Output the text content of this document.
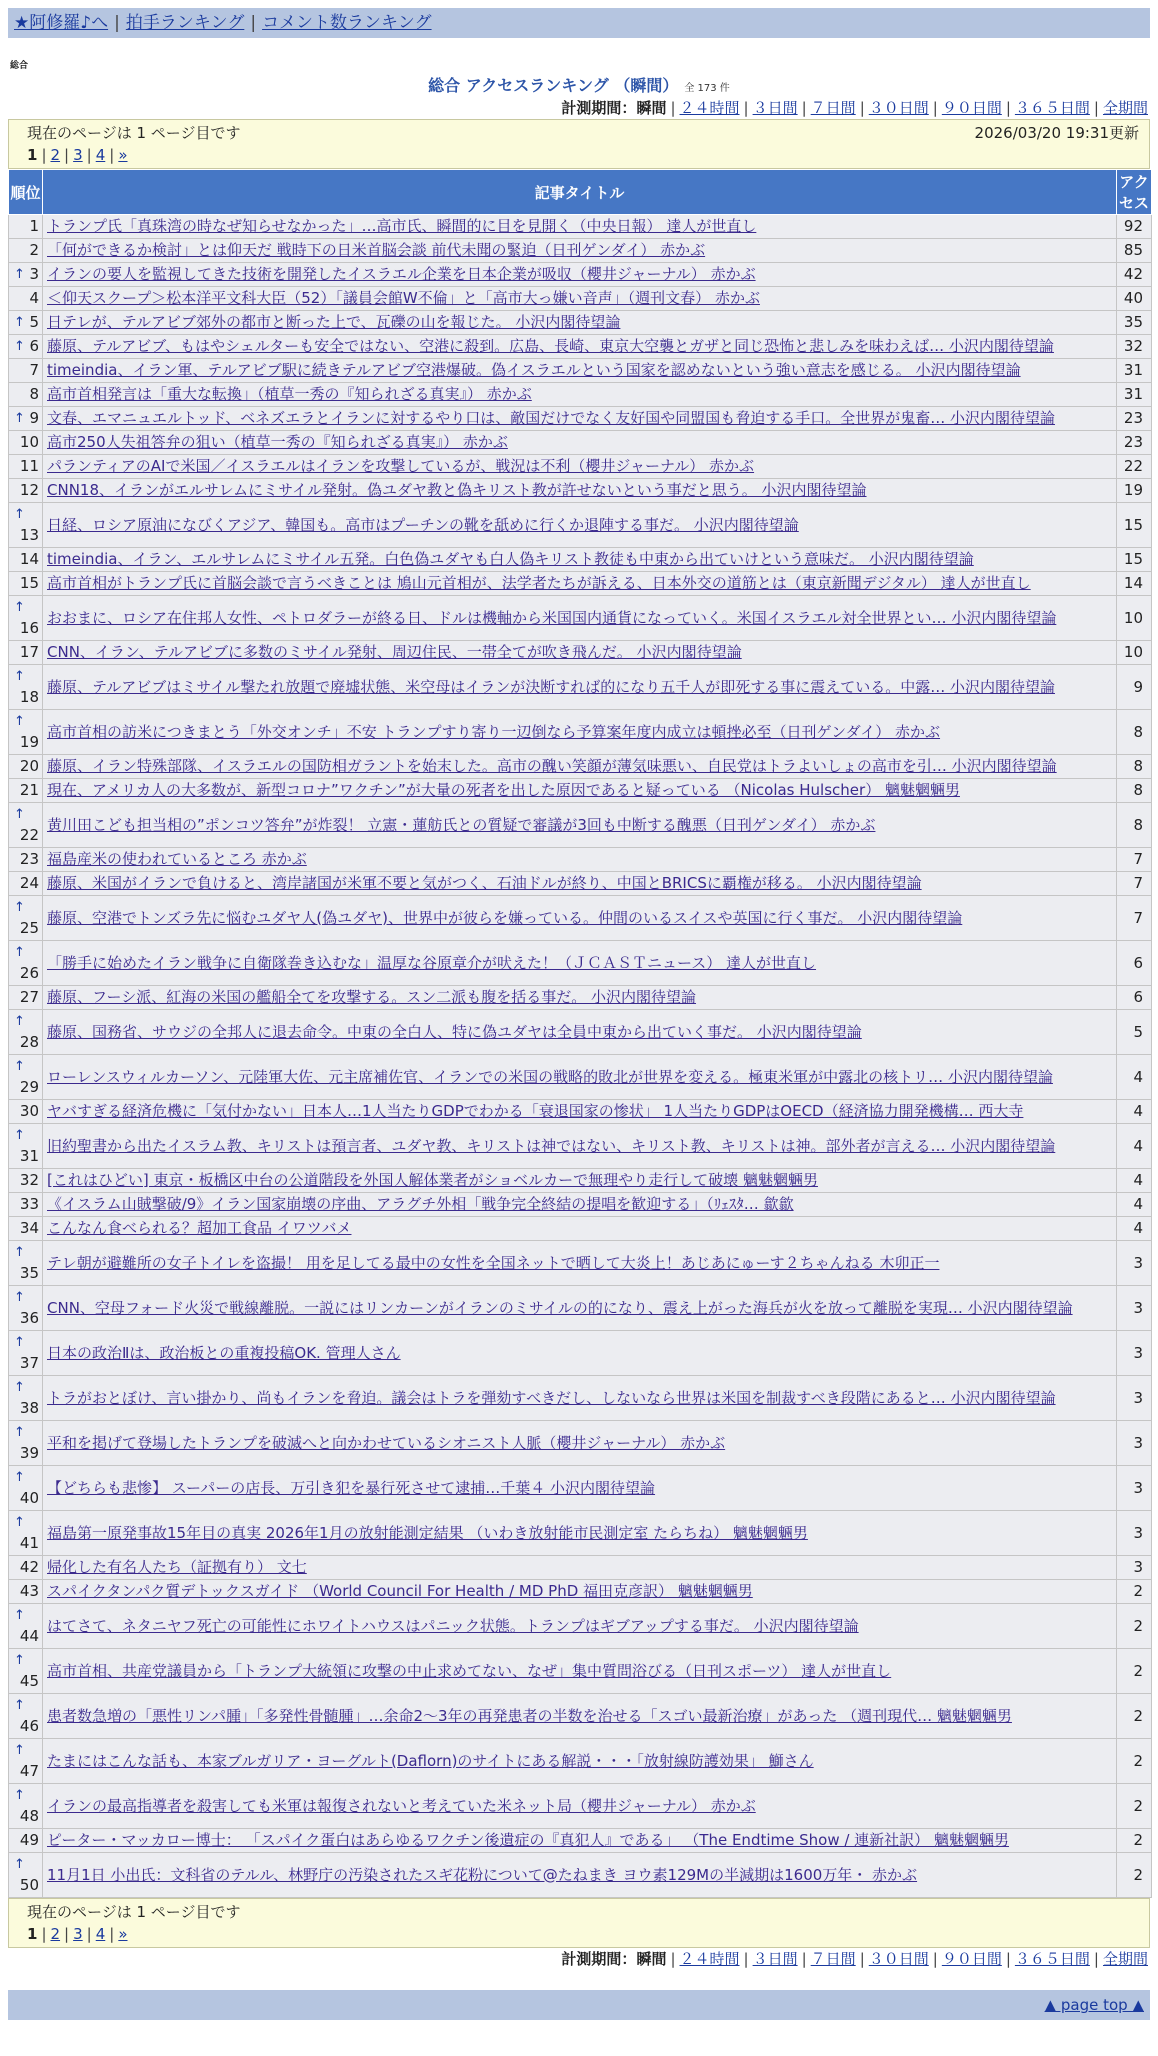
★阿修羅♪へ | 拍手ランキング | コメント数ランキング
総合
総合 アクセスランキング （瞬間） 全 173 件
計測期間：瞬間 | ２４時間 | ３日間 | ７日間 | ３０日間 | ９０日間 | ３６５日間 | 全期間
現在のページは 1 ページ目です	2026/03/20 19:31更新
1 | 2 | 3 | 4 | »
順位	記事タイトル	アクセス
1	トランプ氏「真珠湾の時なぜ知らせなかった」…高市氏、瞬間的に目を見開く（中央日報） 達人が世直し	92
2	「何ができるか検討」とは仰天だ 戦時下の日米首脳会談 前代未聞の緊迫（日刊ゲンダイ） 赤かぶ	85

↑ 3	イランの要人を監視してきた技術を開発したイスラエル企業を日本企業が吸収（櫻井ジャーナル） 赤かぶ	42
4	＜仰天スクープ＞松本洋平文科大臣（52）「議員会館W不倫」と「高市大っ嫌い音声」（週刊文春） 赤かぶ	40

↑ 5	日テレが、テルアビブ郊外の都市と断った上で、瓦礫の山を報じた。 小沢内閣待望論	35

↑ 6	藤原、テルアビブ、もはやシェルターも安全ではない、空港に殺到。広島、長崎、東京大空襲とガザと同じ恐怖と悲しみを味わえば… 小沢内閣待望論	32
7	timeindia、イラン軍、テルアビブ駅に続きテルアビブ空港爆破。偽イスラエルという国家を認めないという強い意志を感じる。 小沢内閣待望論	31
8	高市首相発言は「重大な転換」（植草一秀の『知られざる真実』） 赤かぶ	31

↑ 9	文春、エマニュエルトッド、ベネズエラとイランに対するやり口は、敵国だけでなく友好国や同盟国も脅迫する手口。全世界が鬼畜… 小沢内閣待望論	23
10	高市250人失祖答弁の狙い（植草一秀の『知られざる真実』） 赤かぶ	23
11	パランティアのAIで米国／イスラエルはイランを攻撃しているが、戦況は不利（櫻井ジャーナル） 赤かぶ	22
12	CNN18、イランがエルサレムにミサイル発射。偽ユダヤ教と偽キリスト教が許せないという事だと思う。 小沢内閣待望論	19

↑
13	日経、ロシア原油になびくアジア、韓国も。高市はプーチンの靴を舐めに行くか退陣する事だ。 小沢内閣待望論	15
14	timeindia、イラン、エルサレムにミサイル五発。白色偽ユダヤも白人偽キリスト教徒も中東から出ていけという意味だ。 小沢内閣待望論	15
15	高市首相がトランプ氏に首脳会談で言うべきことは 鳩山元首相が、法学者たちが訴える、日本外交の道筋とは（東京新聞デジタル） 達人が世直し	14

↑
16	おおまに、ロシア在住邦人女性、ペトロダラーが終る日、ドルは機軸から米国国内通貨になっていく。米国イスラエル対全世界とい… 小沢内閣待望論	10
17	CNN、イラン、テルアビブに多数のミサイル発射、周辺住民、一帯全てが吹き飛んだ。 小沢内閣待望論	10

↑
18	藤原、テルアビブはミサイル撃たれ放題で廃墟状態、米空母はイランが決断すれば的になり五千人が即死する事に震えている。中露… 小沢内閣待望論	9

↑
19	高市首相の訪米につきまとう「外交オンチ」不安 トランプすり寄り一辺倒なら予算案年度内成立は頓挫必至（日刊ゲンダイ） 赤かぶ	8
20	藤原、イラン特殊部隊、イスラエルの国防相ガラントを始末した。高市の醜い笑顔が薄気味悪い、自民党はトラよいしょの高市を引… 小沢内閣待望論	8
21	現在、アメリカ人の大多数が、新型コロナ”ワクチン”が大量の死者を出した原因であると疑っている （Nicolas Hulscher） 魑魅魍魎男	8

↑
22	黄川田こども担当相の”ポンコツ答弁”が炸裂！ 立憲・蓮舫氏との質疑で審議が3回も中断する醜悪（日刊ゲンダイ） 赤かぶ	8
23	福島産米の使われているところ 赤かぶ	7
24	藤原、米国がイランで負けると、湾岸諸国が米軍不要と気がつく、石油ドルが終り、中国とBRICSに覇権が移る。 小沢内閣待望論	7

↑
25	藤原、空港でトンズラ先に悩むユダヤ人(偽ユダヤ)、世界中が彼らを嫌っている。仲間のいるスイスや英国に行く事だ。 小沢内閣待望論	7

↑
26	「勝手に始めたイラン戦争に自衛隊巻き込むな」温厚な谷原章介が吠えた！（ＪＣＡＳＴニュース） 達人が世直し	6
27	藤原、フーシ派、紅海の米国の艦船全てを攻撃する。スン二派も腹を括る事だ。 小沢内閣待望論	6

↑
28	藤原、国務省、サウジの全邦人に退去命令。中東の全白人、特に偽ユダヤは全員中東から出ていく事だ。 小沢内閣待望論	5

↑
29	ローレンスウィルカーソン、元陸軍大佐、元主席補佐官、イランでの米国の戦略的敗北が世界を変える。極東米軍が中露北の核トリ… 小沢内閣待望論	4
30	ヤバすぎる経済危機に「気付かない」日本人…1人当たりGDPでわかる「衰退国家の惨状」 1人当たりGDPはOECD（経済協力開発機構… 西大寺	4

↑
31	旧約聖書から出たイスラム教、キリストは預言者、ユダヤ教、キリストは神ではない、キリスト教、キリストは神。部外者が言える… 小沢内閣待望論	4
32	[これはひどい] 東京・板橋区中台の公道階段を外国人解体業者がショベルカーで無理やり走行して破壊 魑魅魍魎男	4
33	《イスラム山賊撃破/9》イラン国家崩壊の序曲、アラグチ外相「戦争完全終結の提唱を歓迎する」（ﾘｪｽﾀ… 歙歙	4
34	こんなん食べられる？超加工食品 イワツバメ	4

↑
35	テレ朝が避難所の女子トイレを盗撮！ 用を足してる最中の女性を全国ネットで晒して大炎上！あじあにゅーす２ちゃんねる 木卯正一	3

↑
36	CNN、空母フォード火災で戦線離脱。一説にはリンカーンがイランのミサイルの的になり、震え上がった海兵が火を放って離脱を実現… 小沢内閣待望論	3

↑
37	日本の政治Ⅱは、政治板との重複投稿OK. 管理人さん	3

↑
38	トラがおとぼけ、言い掛かり、尚もイランを脅迫。議会はトラを弾劾すべきだし、しないなら世界は米国を制裁すべき段階にあると… 小沢内閣待望論	3

↑
39	平和を掲げて登場したトランプを破滅へと向かわせているシオニスト人脈（櫻井ジャーナル） 赤かぶ	3

↑
40	【どちらも悲惨】 スーパーの店長、万引き犯を暴行死させて逮捕…千葉４ 小沢内閣待望論	3

↑
41	福島第一原発事故15年目の真実 2026年1月の放射能測定結果 （いわき放射能市民測定室 たらちね） 魑魅魍魎男	3
42	帰化した有名人たち（証拠有り） 文七	3
43	スパイクタンパク質デトックスガイド （World Council For Health / MD PhD 福田克彦訳） 魑魅魍魎男	2

↑
44	はてさて、ネタニヤフ死亡の可能性にホワイトハウスはパニック状態。トランプはギブアップする事だ。 小沢内閣待望論	2

↑
45	高市首相、共産党議員から「トランプ大統領に攻撃の中止求めてない、なぜ」集中質問浴びる（日刊スポーツ） 達人が世直し	2

↑
46	患者数急増の「悪性リンパ腫」「多発性骨髄腫」…余命2～3年の再発患者の半数を治せる「スゴい最新治療」があった （週刊現代… 魑魅魍魎男	2

↑
47	たまにはこんな話も、本家ブルガリア・ヨーグルト(Daflorn)のサイトにある解説・・・「放射線防護効果」 鰤さん	2

↑
48	イランの最高指導者を殺害しても米軍は報復されないと考えていた米ネット局（櫻井ジャーナル） 赤かぶ	2
49	ピーター・マッカロー博士： 「スパイク蛋白はあらゆるワクチン後遺症の『真犯人』である」 （The Endtime Show / 連新社訳） 魑魅魍魎男	2

↑
50	11月1日 小出氏：文科省のテルル、林野庁の汚染されたスギ花粉について@たねまき ヨウ素129Mの半減期は1600万年・ 赤かぶ	2
現在のページは 1 ページ目です
1 | 2 | 3 | 4 | »
計測期間：瞬間 | ２４時間 | ３日間 | ７日間 | ３０日間 | ９０日間 | ３６５日間 | 全期間
▲ page top ▲
